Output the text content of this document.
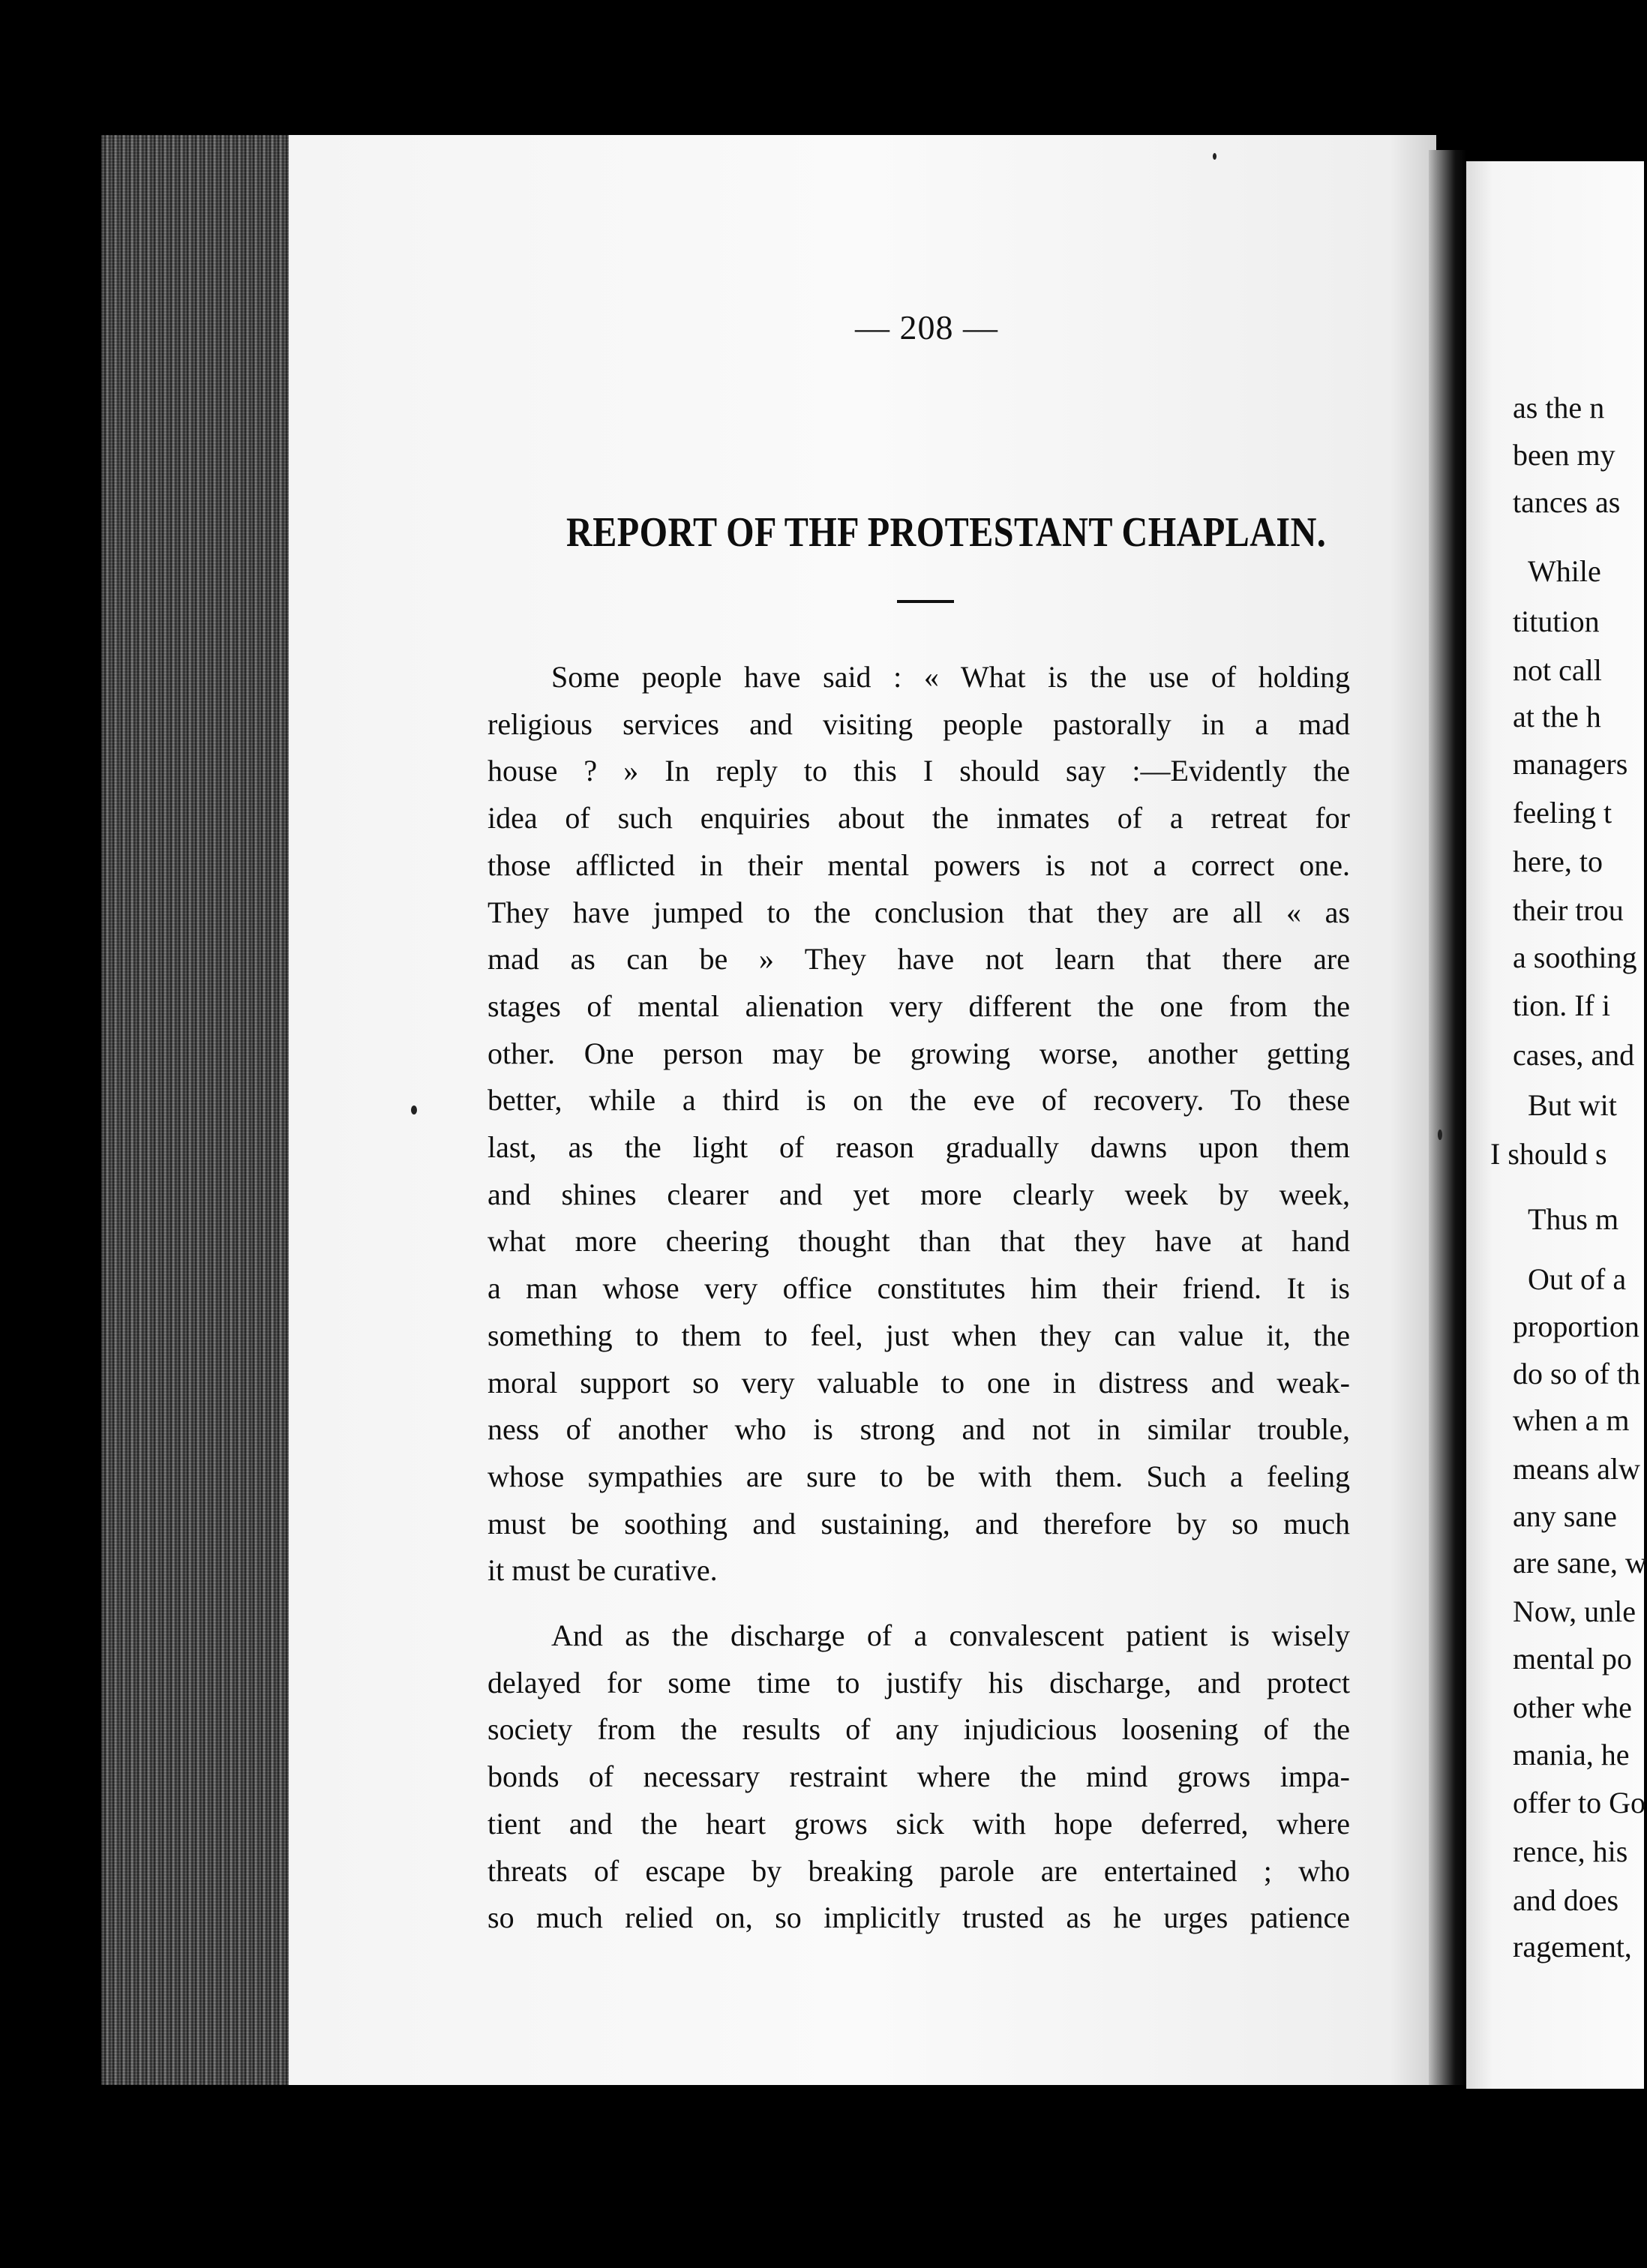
— 208 —
REPORT OF THF PROTESTANT CHAPLAIN.
Some people have said : « What is the use of holding
religious services and visiting people pastorally in a mad
house ? » In reply to this I should say :—Evidently the
idea of such enquiries about the inmates of a retreat for
those afflicted in their mental powers is not a correct one.
They have jumped to the conclusion that they are all « as
mad as can be » They have not learn that there are
stages of mental alienation very different the one from the
other. One person may be growing worse, another getting
better, while a third is on the eve of recovery. To these
last, as the light of reason gradually dawns upon them
and shines clearer and yet more clearly week by week,
what more cheering thought than that they have at hand
a man whose very office constitutes him their friend. It is
something to them to feel, just when they can value it, the
moral support so very valuable to one in distress and weak-
ness of another who is strong and not in similar trouble,
whose sympathies are sure to be with them. Such a feeling
must be soothing and sustaining, and therefore by so much
it must be curative.
And as the discharge of a convalescent patient is wisely
delayed for some time to justify his discharge, and protect
society from the results of any injudicious loosening of the
bonds of necessary restraint where the mind grows impa-
tient and the heart grows sick with hope deferred, where
threats of escape by breaking parole are entertained ; who
so much relied on, so implicitly trusted as he urges patience
as the n
been my
tances as
While
titution
not call
at the h
managers
feeling t
here, to
their trou
a soothing
tion. If i
cases, and
But wit
I should s
Thus m
Out of a
proportion
do so of th
when a m
means alw
any sane
are sane, w
Now, unle
mental po
other whe
mania, he
offer to Go
rence, his
and does
ragement,
